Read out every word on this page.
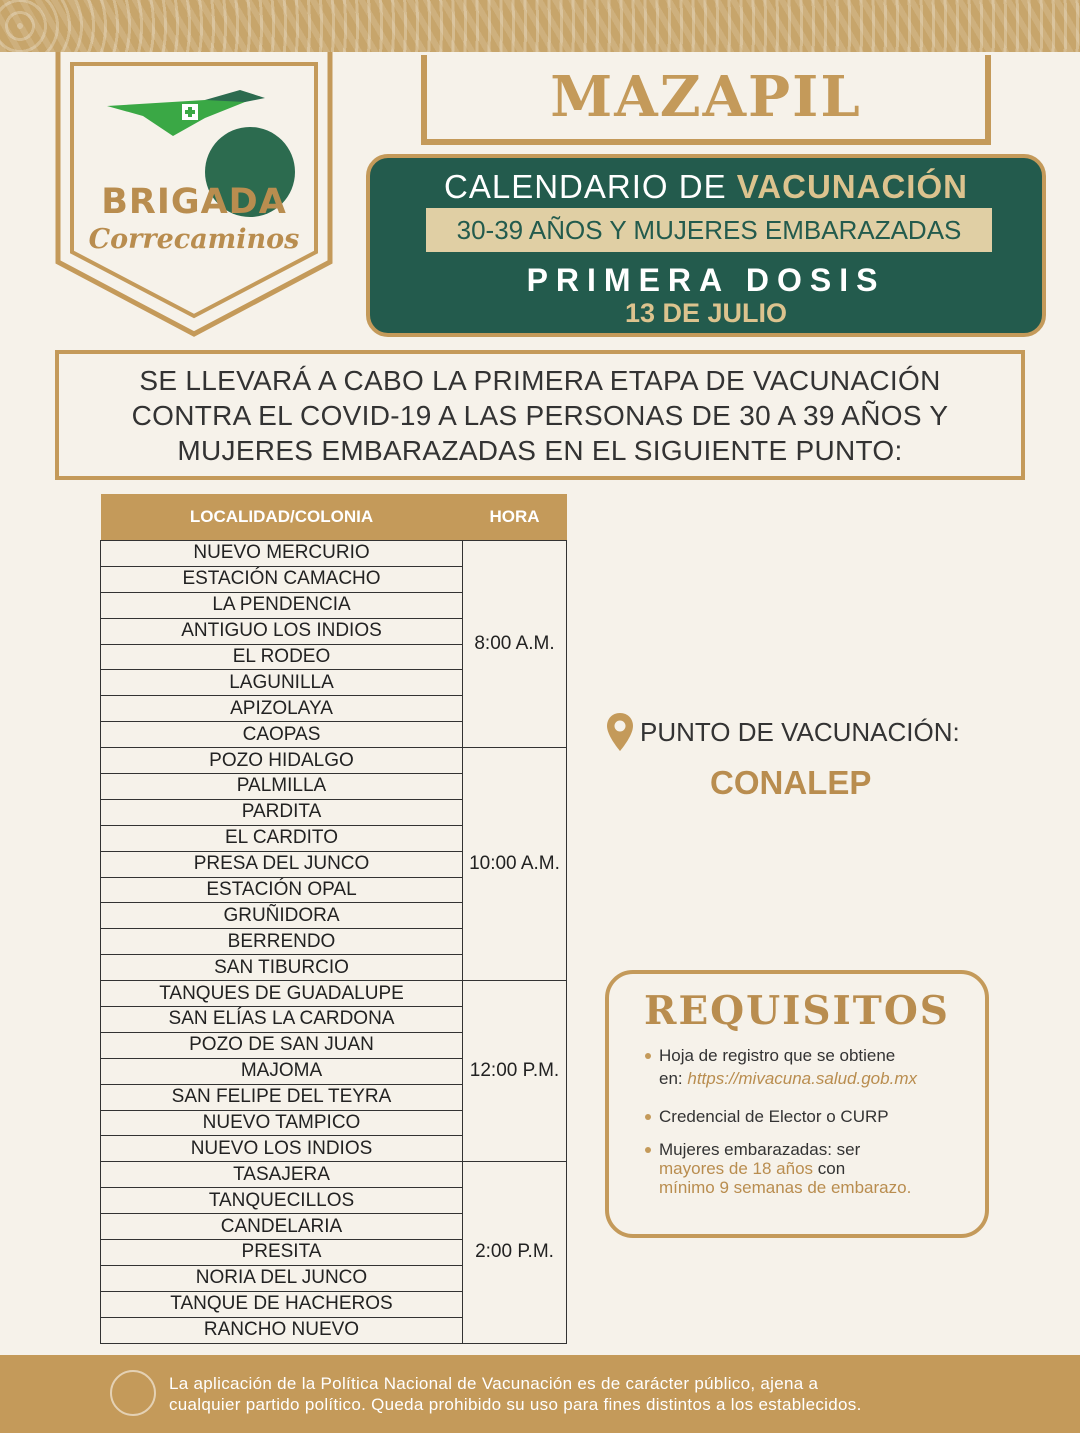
BRIGADA
Correcaminos
MAZAPIL
CALENDARIO DE VACUNACIÓN
30-39 AÑOS Y MUJERES EMBARAZADAS
PRIMERA DOSIS
13 DE JULIO

SE LLEVARÁ A CABO LA PRIMERA ETAPA DE VACUNACIÓN
CONTRA EL COVID-19 A LAS PERSONAS DE 30 A 39 AÑOS Y
MUJERES EMBARAZADAS EN EL SIGUIENTE PUNTO:

LOCALIDAD/COLONIA	HORA

NUEVO MERCURIO	8:00 A.M.
ESTACIÓN CAMACHO	
LA PENDENCIA	
ANTIGUO LOS INDIOS	
EL RODEO	
LAGUNILLA	
APIZOLAYA	
CAOPAS	
POZO HIDALGO	10:00 A.M.
PALMILLA	
PARDITA	
EL CARDITO	
PRESA DEL JUNCO	
ESTACIÓN OPAL	
GRUÑIDORA	
BERRENDO	
SAN TIBURCIO	
TANQUES DE GUADALUPE	12:00 P.M.
SAN ELÍAS LA CARDONA	
POZO DE SAN JUAN	
MAJOMA	
SAN FELIPE DEL TEYRA	
NUEVO TAMPICO	
NUEVO LOS INDIOS	
TASAJERA	2:00 P.M.
TANQUECILLOS	
CANDELARIA	
PRESITA	
NORIA DEL JUNCO	
TANQUE DE HACHEROS	
RANCHO NUEVO	
PUNTO DE VACUNACIÓN:
CONALEP
REQUISITOS
Hoja de registro que se obtiene
en: https://mivacuna.salud.gob.mx
Credencial de Elector o CURP
Mujeres embarazadas: ser
mayores de 18 años con
mínimo 9 semanas de embarazo.
La aplicación de la Política Nacional de Vacunación es de carácter público, ajena a
cualquier partido político. Queda prohibido su uso para fines distintos a los establecidos.
